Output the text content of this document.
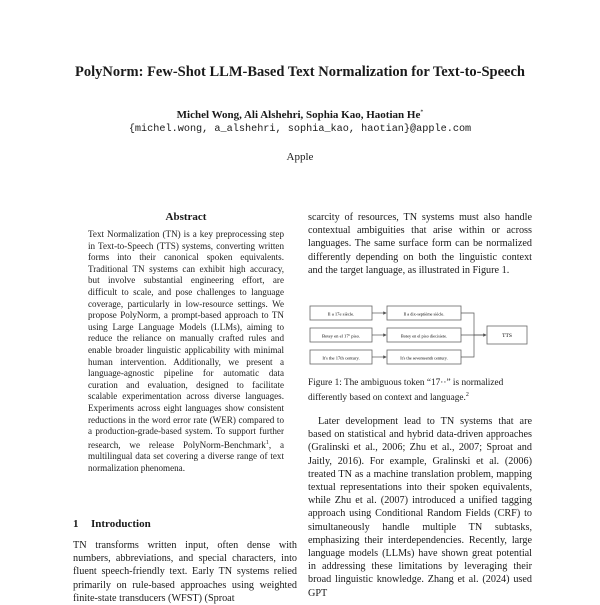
PolyNorm: Few-Shot LLM-Based Text Normalization for Text-to-Speech
Michel Wong, Ali Alshehri, Sophia Kao, Haotian He*
{michel.wong, a_alshehri, sophia_kao, haotian}@apple.com
Apple
Abstract
Text Normalization (TN) is a key preprocessing step in Text-to-Speech (TTS) systems, converting written forms into their canonical spoken equivalents. Traditional TN systems can exhibit high accuracy, but involve substantial engineering effort, are difficult to scale, and pose challenges to language coverage, particularly in low-resource settings. We propose PolyNorm, a prompt-based approach to TN using Large Language Models (LLMs), aiming to reduce the reliance on manually crafted rules and enable broader linguistic applicability with minimal human intervention. Additionally, we present a language-agnostic pipeline for automatic data curation and evaluation, designed to facilitate scalable experimentation across diverse languages. Experiments across eight languages show consistent reductions in the word error rate (WER) compared to a production-grade-based system. To support further research, we release PolyNorm-Benchmark$^1$, a multilingual data set covering a diverse range of text normalization phenomena.
1 Introduction
TN transforms written input, often dense with numbers, abbreviations, and special characters, into fluent speech-friendly text. Early TN systems relied primarily on rule-based approaches using weighted finite-state transducers (WFST) (Sproat

scarcity of resources, TN systems must also handle contextual ambiguities that arise within or across languages. The same surface form can be normalized differently depending on both the linguistic context and the target language, as illustrated in Figure 1.

Il a 17e siècle.
Botey en el 17º piso.
It's the 17th century.
Il a dix-septième siècle.
Botey en el piso diecisiete.
It's the seventeenth century.
TTS
Figure 1: The ambiguous token “17··” is normalized differently based on context and language.$^2$

Later development lead to TN systems that are based on statistical and hybrid data-driven approaches (Gralinski et al., 2006; Zhu et al., 2007; Sproat and Jaitly, 2016). For example, Gralinski et al. (2006) treated TN as a machine translation problem, mapping textual representations into their spoken equivalents, while Zhu et al. (2007) introduced a unified tagging approach using Conditional Random Fields (CRF) to simultaneously handle multiple TN subtasks, emphasizing their interdependencies. Recently, large language models (LLMs) have shown great potential in addressing these limitations by leveraging their broad linguistic knowledge. Zhang et al. (2024) used GPT
